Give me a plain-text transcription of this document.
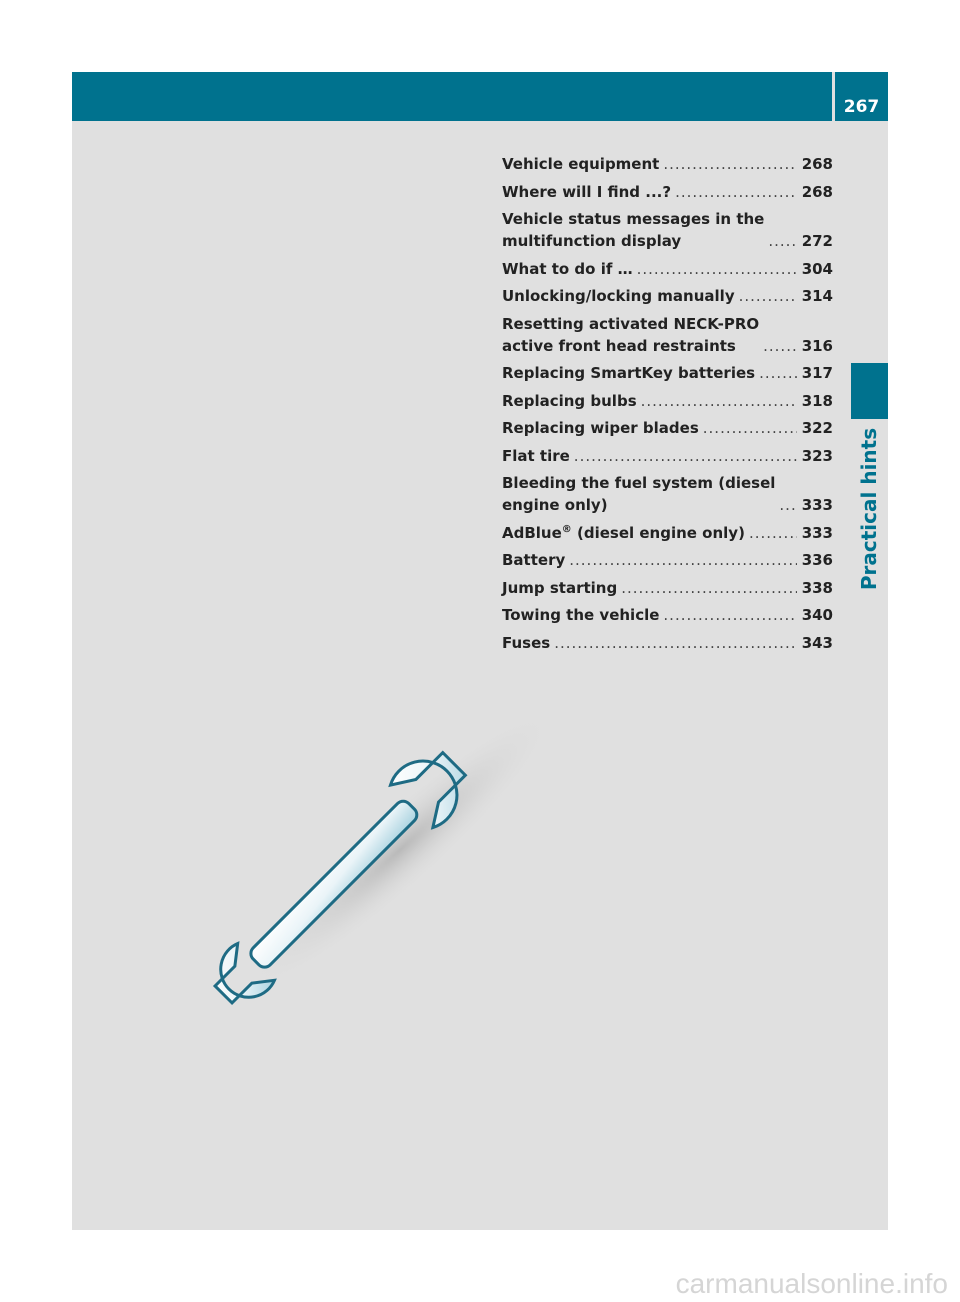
267
Practical hints
Vehicle equipment .....	268
Where will I find ...? .....	268
Vehicle status messages in the
multifunction display .....	272
What to do if … .....	304
Unlocking/locking manually .....	314
Resetting activated NECK-PRO
active front head restraints .....	316
Replacing SmartKey batteries .....	317
Replacing bulbs .....	318
Replacing wiper blades .....	322
Flat tire .....	323
Bleeding the fuel system (diesel
engine only) .....	333
AdBlue® (diesel engine only) .....	333
Battery .....	336
Jump starting .....	338
Towing the vehicle .....	340
Fuses .....	343
carmanualsonline.info
